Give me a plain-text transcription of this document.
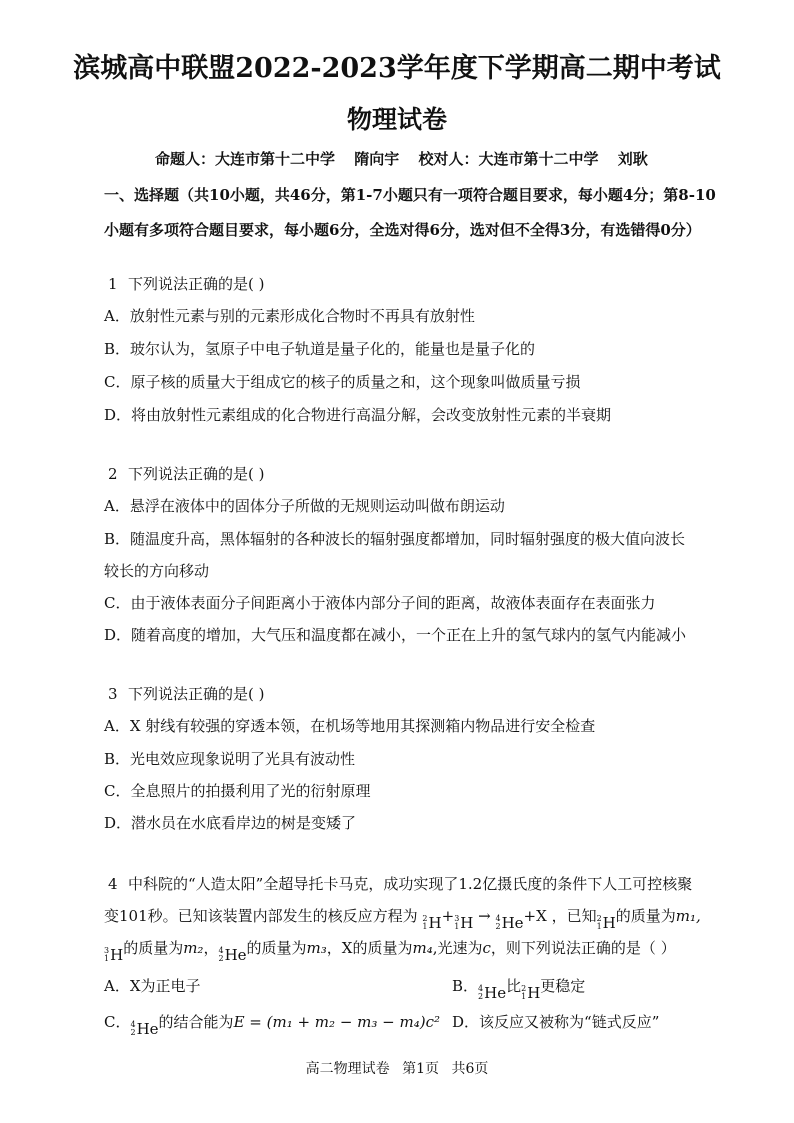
滨城高中联盟2022-2023学年度下学期高二期中考试
物理试卷
命题人：大连市第十二中学 隋向宇 校对人：大连市第十二中学 刘耿
一、选择题（共10小题，共46分，第1-7小题只有一项符合题目要求，每小题4分；第8-10
小题有多项符合题目要求，每小题6分，全选对得6分，选对但不全得3分，有选错得0分）
1 下列说法正确的是( )
A．放射性元素与别的元素形成化合物时不再具有放射性
B．玻尔认为，氢原子中电子轨道是量子化的，能量也是量子化的
C．原子核的质量大于组成它的核子的质量之和，这个现象叫做质量亏损
D．将由放射性元素组成的化合物进行高温分解，会改变放射性元素的半衰期
2 下列说法正确的是( )
A．悬浮在液体中的固体分子所做的无规则运动叫做布朗运动
B．随温度升高，黑体辐射的各种波长的辐射强度都增加，同时辐射强度的极大值向波长
较长的方向移动
C．由于液体表面分子间距离小于液体内部分子间的距离，故液体表面存在表面张力
D．随着高度的增加，大气压和温度都在减小，一个正在上升的氢气球内的氢气内能减小
3 下列说法正确的是( )
A．X 射线有较强的穿透本领，在机场等地用其探测箱内物品进行安全检查
B．光电效应现象说明了光具有波动性
C．全息照片的拍摄利用了光的衍射原理
D．潜水员在水底看岸边的树是变矮了
4 中科院的“人造太阳”全超导托卡马克，成功实现了1.2亿摄氏度的条件下人工可控核聚
变101秒。已知该装置内部发生的核反应方程为 2
1 H+ 3
1 H → 4
2 He+X ，已知 2
1 H的质量为m₁,
3
1 H的质量为m₂， 4
2 He的质量为m₃，X的质量为m₄,光速为c，则下列说法正确的是（ ）
A．X为正电子	B． 4
2 He比 2
1 H更稳定
C． 4
2 He的结合能为E = (m₁ + m₂ − m₃ − m₄)c² D．该反应又被称为“链式反应”
高二物理试卷 第1页 共6页
